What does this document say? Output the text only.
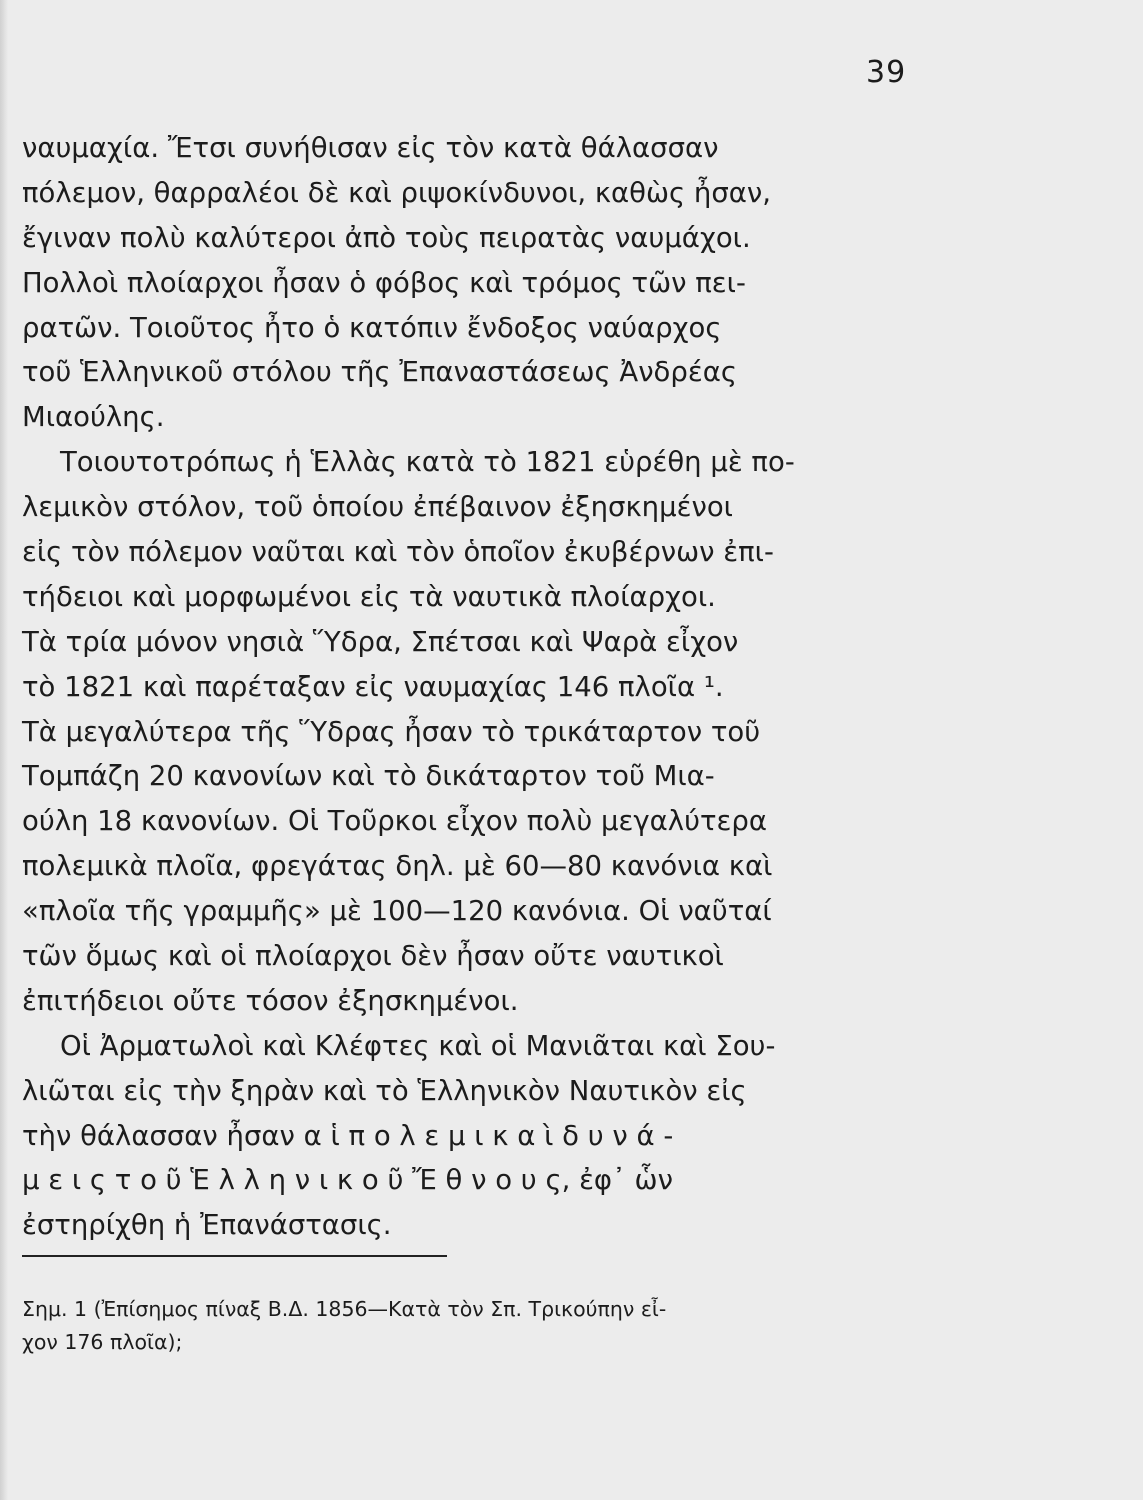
39
ναυμαχία. Ἔτσι συνήθισαν εἰς τὸν κατὰ θάλασσαν
πόλεμον, θαρραλέοι δὲ καὶ ριψοκίνδυνοι, καθὼς ἦσαν,
ἔγιναν πολὺ καλύτεροι ἀπὸ τοὺς πειρατὰς ναυμάχοι.
Πολλοὶ πλοίαρχοι ἦσαν ὁ φόβος καὶ τρόμος τῶν πει-
ρατῶν. Τοιοῦτος ἦτο ὁ κατόπιν ἔνδοξος ναύαρχος
τοῦ Ἑλληνικοῦ στόλου τῆς Ἐπαναστάσεως Ἀνδρέας
Μιαούλης.
Τοιουτοτρόπως ἡ Ἑλλὰς κατὰ τὸ 1821 εὑρέθη μὲ πο-
λεμικὸν στόλον, τοῦ ὁποίου ἐπέβαινον ἐξησκημένοι
εἰς τὸν πόλεμον ναῦται καὶ τὸν ὁποῖον ἐκυβέρνων ἐπι-
τήδειοι καὶ μορφωμένοι εἰς τὰ ναυτικὰ πλοίαρχοι.
Τὰ τρία μόνον νησιὰ Ὕδρα, Σπέτσαι καὶ Ψαρὰ εἶχον
τὸ 1821 καὶ παρέταξαν εἰς ναυμαχίας 146 πλοῖα ¹.
Τὰ μεγαλύτερα τῆς Ὕδρας ἦσαν τὸ τρικάταρτον τοῦ
Τομπάζη 20 κανονίων καὶ τὸ δικάταρτον τοῦ Μια-
ούλη 18 κανονίων. Οἱ Τοῦρκοι εἶχον πολὺ μεγαλύτερα
πολεμικὰ πλοῖα, φρεγάτας δηλ. μὲ 60—80 κανόνια καὶ
«πλοῖα τῆς γραμμῆς» μὲ 100—120 κανόνια. Οἱ ναῦταί
τῶν ὅμως καὶ οἱ πλοίαρχοι δὲν ἦσαν οὔτε ναυτικοὶ
ἐπιτήδειοι οὔτε τόσον ἐξησκημένοι.
Οἱ Ἀρματωλοὶ καὶ Κλέφτες καὶ οἱ Μανιᾶται καὶ Σου-
λιῶται εἰς τὴν ξηρὰν καὶ τὸ Ἑλληνικὸν Ναυτικὸν εἰς
τὴν θάλασσαν ἦσαν α ἱ π ο λ ε μ ι κ α ὶ δ υ ν ά -
μ ε ι ς τ ο ῦ Ἑ λ λ η ν ι κ ο ῦ Ἔ θ ν ο υ ς, ἐφ᾿ ὧν
ἐστηρίχθη ἡ Ἐπανάστασις.
Σημ. 1 (Ἐπίσημος πίναξ Β.Δ. 1856—Κατὰ τὸν Σπ. Τρικούπην εἶ-
χον 176 πλοῖα);
